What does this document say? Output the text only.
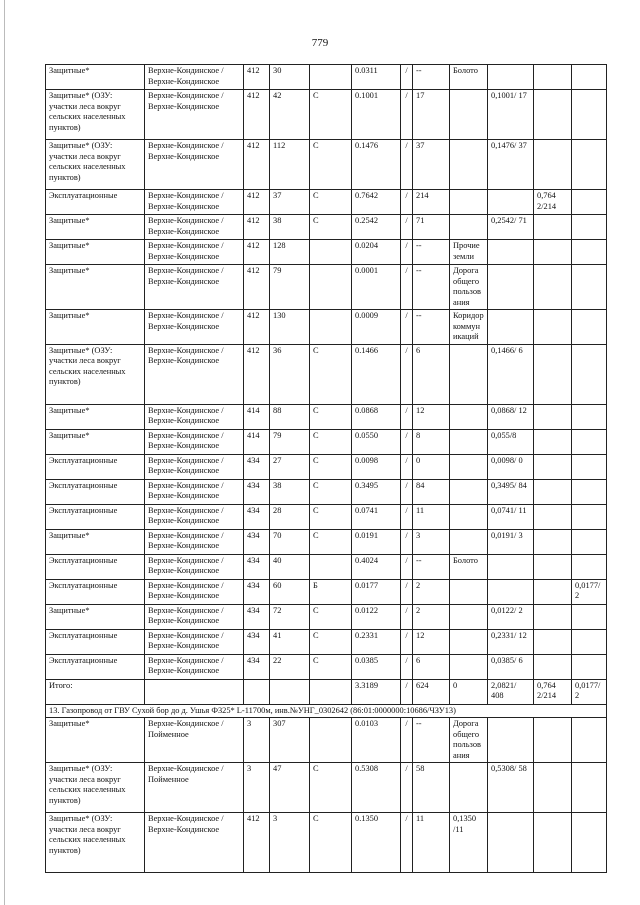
779
Защитные*	Верхне-Кондинское / Верхне-Кондинское	412	30		0.0311	/	--	Болото			
Защитные* (ОЗУ: участки леса вокруг сельских населенных пунктов)	Верхне-Кондинское / Верхне-Кондинское	412	42	С	0.1001	/	17		0,1001/ 17		
Защитные* (ОЗУ: участки леса вокруг сельских населенных пунктов)	Верхне-Кондинское / Верхне-Кондинское	412	112	С	0.1476	/	37		0,1476/ 37		
Эксплуатационные	Верхне-Кондинское / Верхне-Кондинское	412	37	С	0.7642	/	214			0,764 2/214	
Защитные*	Верхне-Кондинское / Верхне-Кондинское	412	38	С	0.2542	/	71		0,2542/ 71		
Защитные*	Верхне-Кондинское / Верхне-Кондинское	412	128		0.0204	/	--	Прочие земли			
Защитные*	Верхне-Кондинское / Верхне-Кондинское	412	79		0.0001	/	--	Дорога общего пользования			
Защитные*	Верхне-Кондинское / Верхне-Кондинское	412	130		0.0009	/	--	Коридор коммуникаций			
Защитные* (ОЗУ: участки леса вокруг сельских населенных пунктов)	Верхне-Кондинское / Верхне-Кондинское	412	36	С	0.1466	/	6		0,1466/ 6		
Защитные*	Верхне-Кондинское / Верхне-Кондинское	414	88	С	0.0868	/	12		0,0868/ 12		
Защитные*	Верхне-Кондинское / Верхне-Кондинское	414	79	С	0.0550	/	8		0,055/8		
Эксплуатационные	Верхне-Кондинское / Верхне-Кондинское	434	27	С	0.0098	/	0		0,0098/ 0		
Эксплуатационные	Верхне-Кондинское / Верхне-Кондинское	434	38	С	0.3495	/	84		0,3495/ 84		
Эксплуатационные	Верхне-Кондинское / Верхне-Кондинское	434	28	С	0.0741	/	11		0,0741/ 11		
Защитные*	Верхне-Кондинское / Верхне-Кондинское	434	70	С	0.0191	/	3		0,0191/ 3		
Эксплуатационные	Верхне-Кондинское / Верхне-Кондинское	434	40		0.4024	/	--	Болото			
Эксплуатационные	Верхне-Кондинское / Верхне-Кондинское	434	60	Б	0.0177	/	2				0,0177/2
Защитные*	Верхне-Кондинское / Верхне-Кондинское	434	72	С	0.0122	/	2		0,0122/ 2		
Эксплуатационные	Верхне-Кондинское / Верхне-Кондинское	434	41	С	0.2331	/	12		0,2331/ 12		
Эксплуатационные	Верхне-Кондинское / Верхне-Кондинское	434	22	С	0.0385	/	6		0,0385/ 6		
Итого:					3.3189	/	624	0	2,0821/ 408	0,764 2/214	0,0177/2
13. Газопровод от ГВУ Сухой бор до д. Ушья Ф325* L-11700м, инв.№УНГ_0302642 (86:01:0000000:10686/ЧЗУ13)											
Защитные*	Верхне-Кондинское / Пойменное	3	307		0.0103	/	--	Дорога общего пользования			
Защитные* (ОЗУ: участки леса вокруг сельских населенных пунктов)	Верхне-Кондинское / Пойменное	3	47	С	0.5308	/	58		0,5308/ 58		
Защитные* (ОЗУ: участки леса вокруг сельских населенных пунктов)	Верхне-Кондинское / Верхне-Кондинское	412	3	С	0.1350	/	11	0,1350 /11			
